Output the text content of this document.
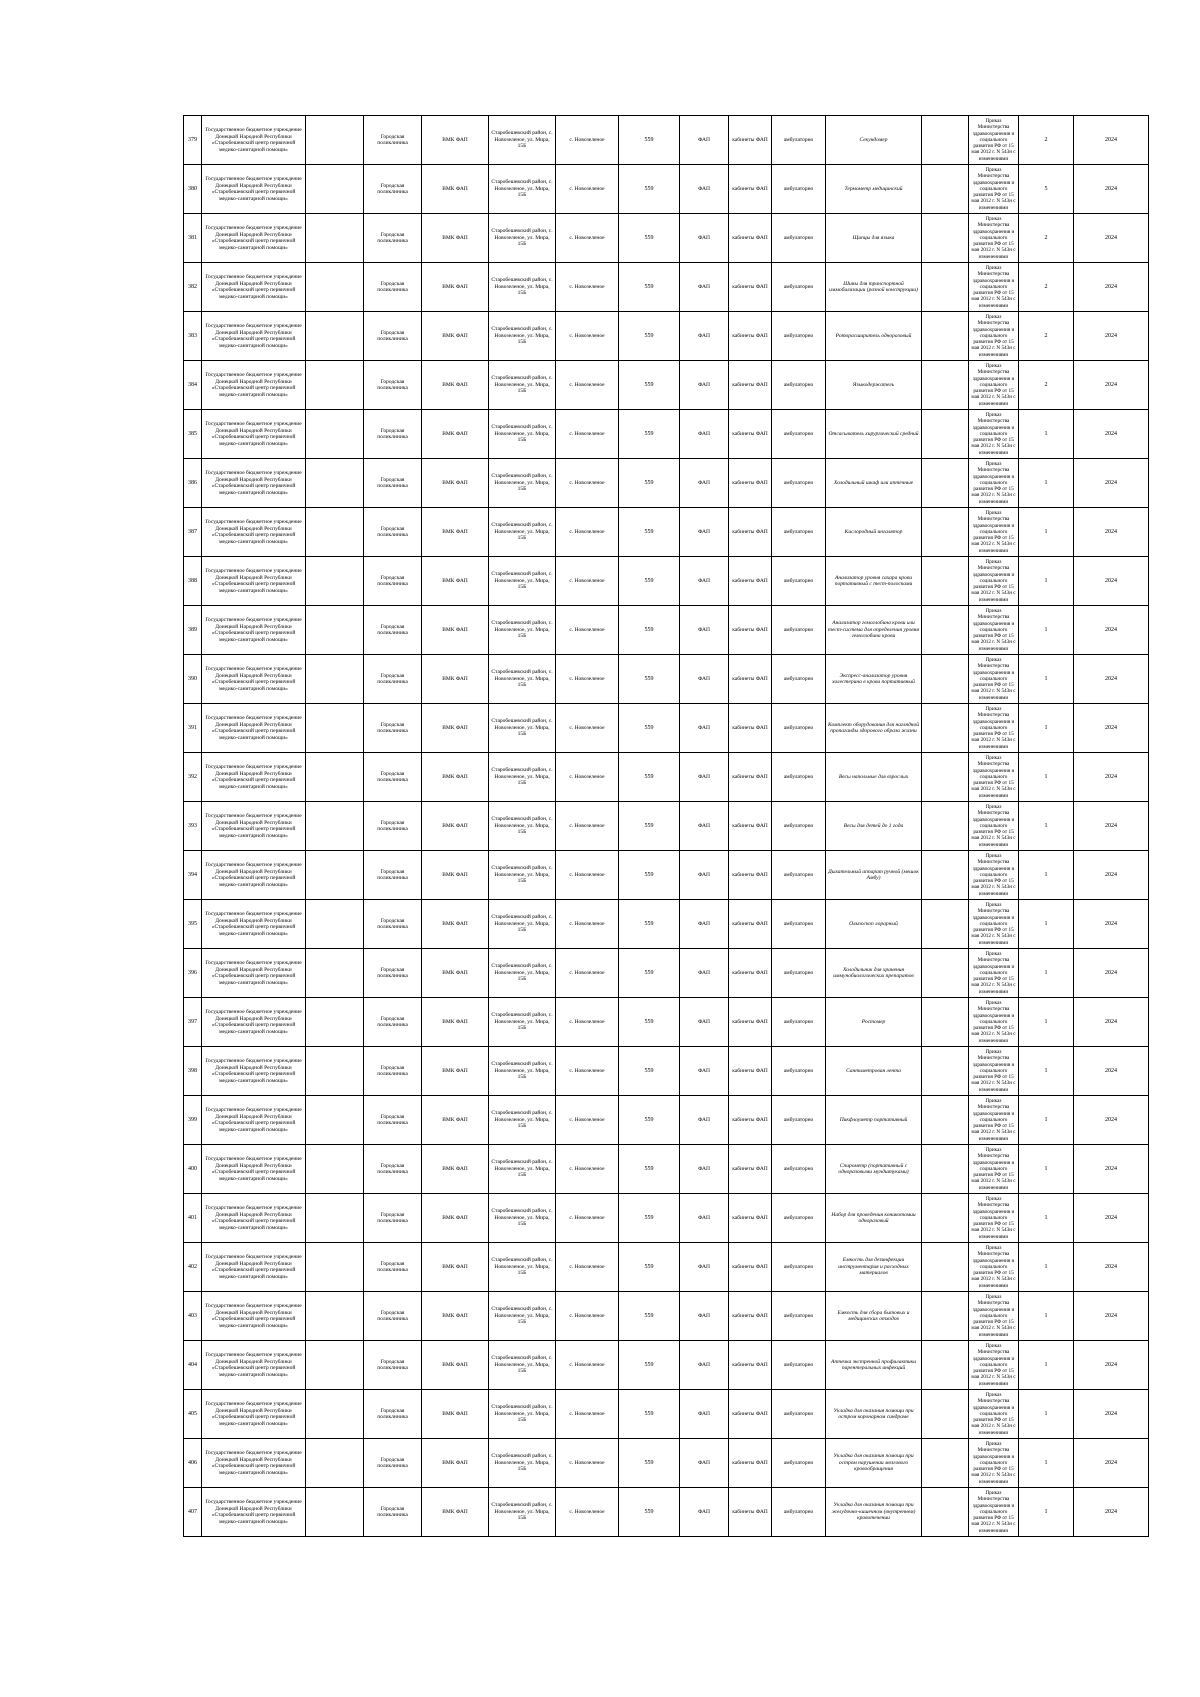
379	Государственное бюджетное учреждение Донецкой Народной Республики «Старобешевский центр первичной медико-санитарной помощи»		Городская поликлиника	ВМК ФАП	Старобешевский район, с. Новозеленое, ул. Мира, 15Б	с. Новозеленое	559	ФАП	кабинеты ФАП	амбулаторно	Секундомер		Приказ Министерства здравоохранения и социального развития РФ от 15 мая 2012 г. N 543н с изменениями	2	2024
380	Государственное бюджетное учреждение Донецкой Народной Республики «Старобешевский центр первичной медико-санитарной помощи»		Городская поликлиника	ВМК ФАП	Старобешевский район, с. Новозеленое, ул. Мира, 15Б	с. Новозеленое	559	ФАП	кабинеты ФАП	амбулаторно	Термометр медицинский		Приказ Министерства здравоохранения и социального развития РФ от 15 мая 2012 г. N 543н с изменениями	5	2024
381	Государственное бюджетное учреждение Донецкой Народной Республики «Старобешевский центр первичной медико-санитарной помощи»		Городская поликлиника	ВМК ФАП	Старобешевский район, с. Новозеленое, ул. Мира, 15Б	с. Новозеленое	559	ФАП	кабинеты ФАП	амбулаторно	Щипцы для языка		Приказ Министерства здравоохранения и социального развития РФ от 15 мая 2012 г. N 543н с изменениями	2	2024
382	Государственное бюджетное учреждение Донецкой Народной Республики «Старобешевский центр первичной медико-санитарной помощи»		Городская поликлиника	ВМК ФАП	Старобешевский район, с. Новозеленое, ул. Мира, 15Б	с. Новозеленое	559	ФАП	кабинеты ФАП	амбулаторно	Шины для транспортной иммобилизации (разной конструкции)		Приказ Министерства здравоохранения и социального развития РФ от 15 мая 2012 г. N 543н с изменениями	2	2024
383	Государственное бюджетное учреждение Донецкой Народной Республики «Старобешевский центр первичной медико-санитарной помощи»		Городская поликлиника	ВМК ФАП	Старобешевский район, с. Новозеленое, ул. Мира, 15Б	с. Новозеленое	559	ФАП	кабинеты ФАП	амбулаторно	Роторасширитель одноразовый		Приказ Министерства здравоохранения и социального развития РФ от 15 мая 2012 г. N 543н с изменениями	2	2024
384	Государственное бюджетное учреждение Донецкой Народной Республики «Старобешевский центр первичной медико-санитарной помощи»		Городская поликлиника	ВМК ФАП	Старобешевский район, с. Новозеленое, ул. Мира, 15Б	с. Новозеленое	559	ФАП	кабинеты ФАП	амбулаторно	Языкодержатель		Приказ Министерства здравоохранения и социального развития РФ от 15 мая 2012 г. N 543н с изменениями	2	2024
385	Государственное бюджетное учреждение Донецкой Народной Республики «Старобешевский центр первичной медико-санитарной помощи»		Городская поликлиника	ВМК ФАП	Старобешевский район, с. Новозеленое, ул. Мира, 15Б	с. Новозеленое	559	ФАП	кабинеты ФАП	амбулаторно	Отсасыватель хирургический средний		Приказ Министерства здравоохранения и социального развития РФ от 15 мая 2012 г. N 543н с изменениями	1	2024
386	Государственное бюджетное учреждение Донецкой Народной Республики «Старобешевский центр первичной медико-санитарной помощи»		Городская поликлиника	ВМК ФАП	Старобешевский район, с. Новозеленое, ул. Мира, 15Б	с. Новозеленое	559	ФАП	кабинеты ФАП	амбулаторно	Холодильный шкаф или аптечные		Приказ Министерства здравоохранения и социального развития РФ от 15 мая 2012 г. N 543н с изменениями	1	2024
387	Государственное бюджетное учреждение Донецкой Народной Республики «Старобешевский центр первичной медико-санитарной помощи»		Городская поликлиника	ВМК ФАП	Старобешевский район, с. Новозеленое, ул. Мира, 15Б	с. Новозеленое	559	ФАП	кабинеты ФАП	амбулаторно	Кислородный ингалятор		Приказ Министерства здравоохранения и социального развития РФ от 15 мая 2012 г. N 543н с изменениями	1	2024
388	Государственное бюджетное учреждение Донецкой Народной Республики «Старобешевский центр первичной медико-санитарной помощи»		Городская поликлиника	ВМК ФАП	Старобешевский район, с. Новозеленое, ул. Мира, 15Б	с. Новозеленое	559	ФАП	кабинеты ФАП	амбулаторно	Анализатор уровня сахара крови портативный с тест-полосками		Приказ Министерства здравоохранения и социального развития РФ от 15 мая 2012 г. N 543н с изменениями	1	2024
389	Государственное бюджетное учреждение Донецкой Народной Республики «Старобешевский центр первичной медико-санитарной помощи»		Городская поликлиника	ВМК ФАП	Старобешевский район, с. Новозеленое, ул. Мира, 15Б	с. Новозеленое	559	ФАП	кабинеты ФАП	амбулаторно	Анализатор гемоглобина крови или тест-система для определения уровня гемоглобина крови		Приказ Министерства здравоохранения и социального развития РФ от 15 мая 2012 г. N 543н с изменениями	1	2024
390	Государственное бюджетное учреждение Донецкой Народной Республики «Старобешевский центр первичной медико-санитарной помощи»		Городская поликлиника	ВМК ФАП	Старобешевский район, с. Новозеленое, ул. Мира, 15Б	с. Новозеленое	559	ФАП	кабинеты ФАП	амбулаторно	Экспресс-анализатор уровня холестерина в крови портативный		Приказ Министерства здравоохранения и социального развития РФ от 15 мая 2012 г. N 543н с изменениями	1	2024
391	Государственное бюджетное учреждение Донецкой Народной Республики «Старобешевский центр первичной медико-санитарной помощи»		Городская поликлиника	ВМК ФАП	Старобешевский район, с. Новозеленое, ул. Мира, 15Б	с. Новозеленое	559	ФАП	кабинеты ФАП	амбулаторно	Комплект оборудования для наглядной пропаганды здорового образа жизни		Приказ Министерства здравоохранения и социального развития РФ от 15 мая 2012 г. N 543н с изменениями	1	2024
392	Государственное бюджетное учреждение Донецкой Народной Республики «Старобешевский центр первичной медико-санитарной помощи»		Городская поликлиника	ВМК ФАП	Старобешевский район, с. Новозеленое, ул. Мира, 15Б	с. Новозеленое	559	ФАП	кабинеты ФАП	амбулаторно	Весы напольные для взрослых		Приказ Министерства здравоохранения и социального развития РФ от 15 мая 2012 г. N 543н с изменениями	1	2024
393	Государственное бюджетное учреждение Донецкой Народной Республики «Старобешевский центр первичной медико-санитарной помощи»		Городская поликлиника	ВМК ФАП	Старобешевский район, с. Новозеленое, ул. Мира, 15Б	с. Новозеленое	559	ФАП	кабинеты ФАП	амбулаторно	Весы для детей до 1 года		Приказ Министерства здравоохранения и социального развития РФ от 15 мая 2012 г. N 543н с изменениями	1	2024
394	Государственное бюджетное учреждение Донецкой Народной Республики «Старобешевский центр первичной медико-санитарной помощи»		Городская поликлиника	ВМК ФАП	Старобешевский район, с. Новозеленое, ул. Мира, 15Б	с. Новозеленое	559	ФАП	кабинеты ФАП	амбулаторно	Дыхательный аппарат ручной (мешок Амбу)		Приказ Министерства здравоохранения и социального развития РФ от 15 мая 2012 г. N 543н с изменениями	1	2024
395	Государственное бюджетное учреждение Донецкой Народной Республики «Старобешевский центр первичной медико-санитарной помощи»		Городская поликлиника	ВМК ФАП	Старобешевский район, с. Новозеленое, ул. Мира, 15Б	с. Новозеленое	559	ФАП	кабинеты ФАП	амбулаторно	Ольпоскоп лорарный		Приказ Министерства здравоохранения и социального развития РФ от 15 мая 2012 г. N 543н с изменениями	1	2024
396	Государственное бюджетное учреждение Донецкой Народной Республики «Старобешевский центр первичной медико-санитарной помощи»		Городская поликлиника	ВМК ФАП	Старобешевский район, с. Новозеленое, ул. Мира, 15Б	с. Новозеленое	559	ФАП	кабинеты ФАП	амбулаторно	Холодильник для хранения иммунобиологических препаратов		Приказ Министерства здравоохранения и социального развития РФ от 15 мая 2012 г. N 543н с изменениями	1	2024
397	Государственное бюджетное учреждение Донецкой Народной Республики «Старобешевский центр первичной медико-санитарной помощи»		Городская поликлиника	ВМК ФАП	Старобешевский район, с. Новозеленое, ул. Мира, 15Б	с. Новозеленое	559	ФАП	кабинеты ФАП	амбулаторно	Ростомер		Приказ Министерства здравоохранения и социального развития РФ от 15 мая 2012 г. N 543н с изменениями	1	2024
398	Государственное бюджетное учреждение Донецкой Народной Республики «Старобешевский центр первичной медико-санитарной помощи»		Городская поликлиника	ВМК ФАП	Старобешевский район, с. Новозеленое, ул. Мира, 15Б	с. Новозеленое	559	ФАП	кабинеты ФАП	амбулаторно	Сантиметровая лента		Приказ Министерства здравоохранения и социального развития РФ от 15 мая 2012 г. N 543н с изменениями	1	2024
399	Государственное бюджетное учреждение Донецкой Народной Республики «Старобешевский центр первичной медико-санитарной помощи»		Городская поликлиника	ВМК ФАП	Старобешевский район, с. Новозеленое, ул. Мира, 15Б	с. Новозеленое	559	ФАП	кабинеты ФАП	амбулаторно	Пикфлоуметр портативный		Приказ Министерства здравоохранения и социального развития РФ от 15 мая 2012 г. N 543н с изменениями	1	2024
400	Государственное бюджетное учреждение Донецкой Народной Республики «Старобешевский центр первичной медико-санитарной помощи»		Городская поликлиника	ВМК ФАП	Старобешевский район, с. Новозеленое, ул. Мира, 15Б	с. Новозеленое	559	ФАП	кабинеты ФАП	амбулаторно	Спирометр (портативный с одноразовыми мундштуками)		Приказ Министерства здравоохранения и социального развития РФ от 15 мая 2012 г. N 543н с изменениями	1	2024
401	Государственное бюджетное учреждение Донецкой Народной Республики «Старобешевский центр первичной медико-санитарной помощи»		Городская поликлиника	ВМК ФАП	Старобешевский район, с. Новозеленое, ул. Мира, 15Б	с. Новозеленое	559	ФАП	кабинеты ФАП	амбулаторно	Набор для проведения коникотомии одноразовый		Приказ Министерства здравоохранения и социального развития РФ от 15 мая 2012 г. N 543н с изменениями	1	2024
402	Государственное бюджетное учреждение Донецкой Народной Республики «Старобешевский центр первичной медико-санитарной помощи»		Городская поликлиника	ВМК ФАП	Старобешевский район, с. Новозеленое, ул. Мира, 15Б	с. Новозеленое	559	ФАП	кабинеты ФАП	амбулаторно	Емкость для дезинфекции инструментария и расходных материалов		Приказ Министерства здравоохранения и социального развития РФ от 15 мая 2012 г. N 543н с изменениями	1	2024
403	Государственное бюджетное учреждение Донецкой Народной Республики «Старобешевский центр первичной медико-санитарной помощи»		Городская поликлиника	ВМК ФАП	Старобешевский район, с. Новозеленое, ул. Мира, 15Б	с. Новозеленое	559	ФАП	кабинеты ФАП	амбулаторно	Емкость для сбора бытовых и медицинских отходов		Приказ Министерства здравоохранения и социального развития РФ от 15 мая 2012 г. N 543н с изменениями	1	2024
404	Государственное бюджетное учреждение Донецкой Народной Республики «Старобешевский центр первичной медико-санитарной помощи»		Городская поликлиника	ВМК ФАП	Старобешевский район, с. Новозеленое, ул. Мира, 15Б	с. Новозеленое	559	ФАП	кабинеты ФАП	амбулаторно	Аптечка экстренной профилактики парентеральных инфекций		Приказ Министерства здравоохранения и социального развития РФ от 15 мая 2012 г. N 543н с изменениями	1	2024
405	Государственное бюджетное учреждение Донецкой Народной Республики «Старобешевский центр первичной медико-санитарной помощи»		Городская поликлиника	ВМК ФАП	Старобешевский район, с. Новозеленое, ул. Мира, 15Б	с. Новозеленое	559	ФАП	кабинеты ФАП	амбулаторно	Укладка для оказания помощи при остром коронарном синдроме		Приказ Министерства здравоохранения и социального развития РФ от 15 мая 2012 г. N 543н с изменениями	1	2024
406	Государственное бюджетное учреждение Донецкой Народной Республики «Старобешевский центр первичной медико-санитарной помощи»		Городская поликлиника	ВМК ФАП	Старобешевский район, с. Новозеленое, ул. Мира, 15Б	с. Новозеленое	559	ФАП	кабинеты ФАП	амбулаторно	Укладка для оказания помощи при остром нарушении мозгового кровообращения		Приказ Министерства здравоохранения и социального развития РФ от 15 мая 2012 г. N 543н с изменениями	1	2024
407	Государственное бюджетное учреждение Донецкой Народной Республики «Старобешевский центр первичной медико-санитарной помощи»		Городская поликлиника	ВМК ФАП	Старобешевский район, с. Новозеленое, ул. Мира, 15Б	с. Новозеленое	559	ФАП	кабинеты ФАП	амбулаторно	Укладка для оказания помощи при желудочно-кишечном (внутреннем) кровотечении		Приказ Министерства здравоохранения и социального развития РФ от 15 мая 2012 г. N 543н с изменениями	1	2024
